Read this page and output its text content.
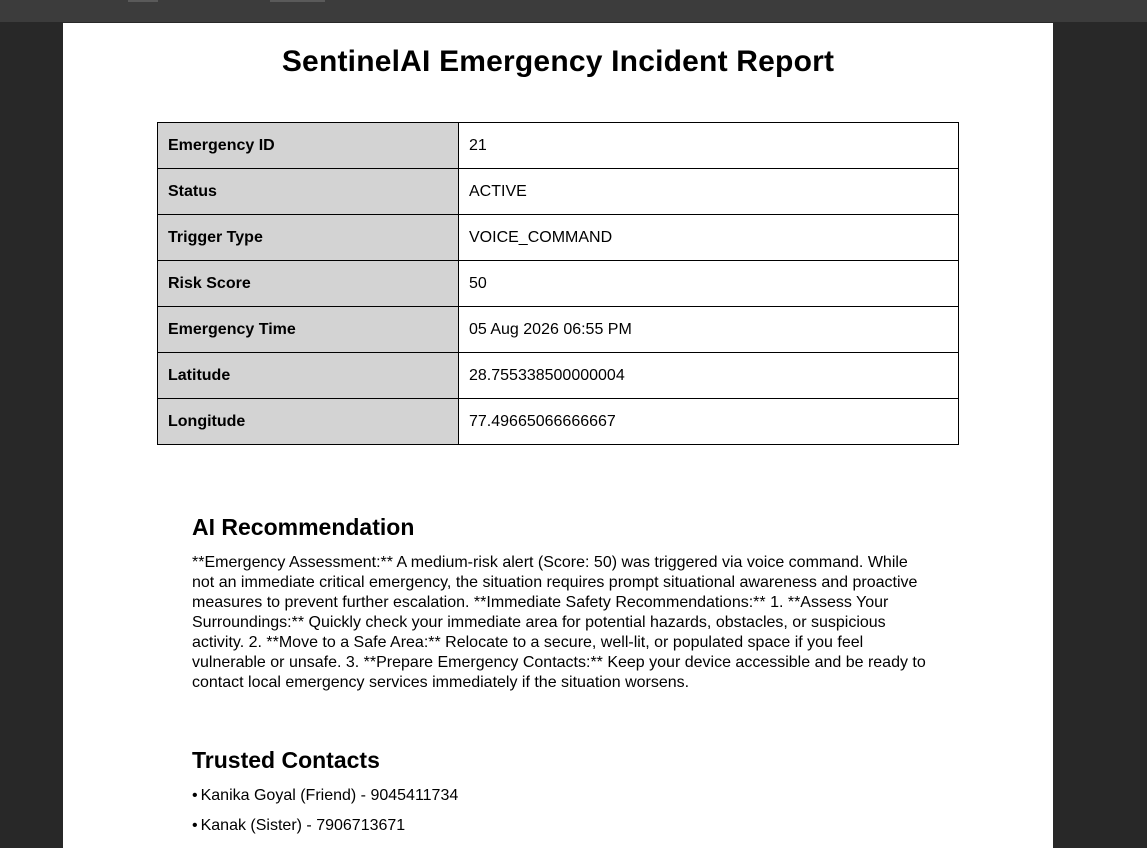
SentinelAI Emergency Incident Report
Emergency ID	21
Status	ACTIVE
Trigger Type	VOICE_COMMAND
Risk Score	50
Emergency Time	05 Aug 2026 06:55 PM
Latitude	28.755338500000004
Longitude	77.49665066666667
AI Recommendation

**Emergency Assessment:** A medium-risk alert (Score: 50) was triggered via voice command. While not an immediate critical emergency, the situation requires prompt situational awareness and proactive measures to prevent further escalation. **Immediate Safety Recommendations:** 1. **Assess Your Surroundings:** Quickly check your immediate area for potential hazards, obstacles, or suspicious activity. 2. **Move to a Safe Area:** Relocate to a secure, well-lit, or populated space if you feel vulnerable or unsafe. 3. **Prepare Emergency Contacts:** Keep your device accessible and be ready to contact local emergency services immediately if the situation worsens.

Trusted Contacts
• Kanika Goyal (Friend) - 9045411734
• Kanak (Sister) - 7906713671
